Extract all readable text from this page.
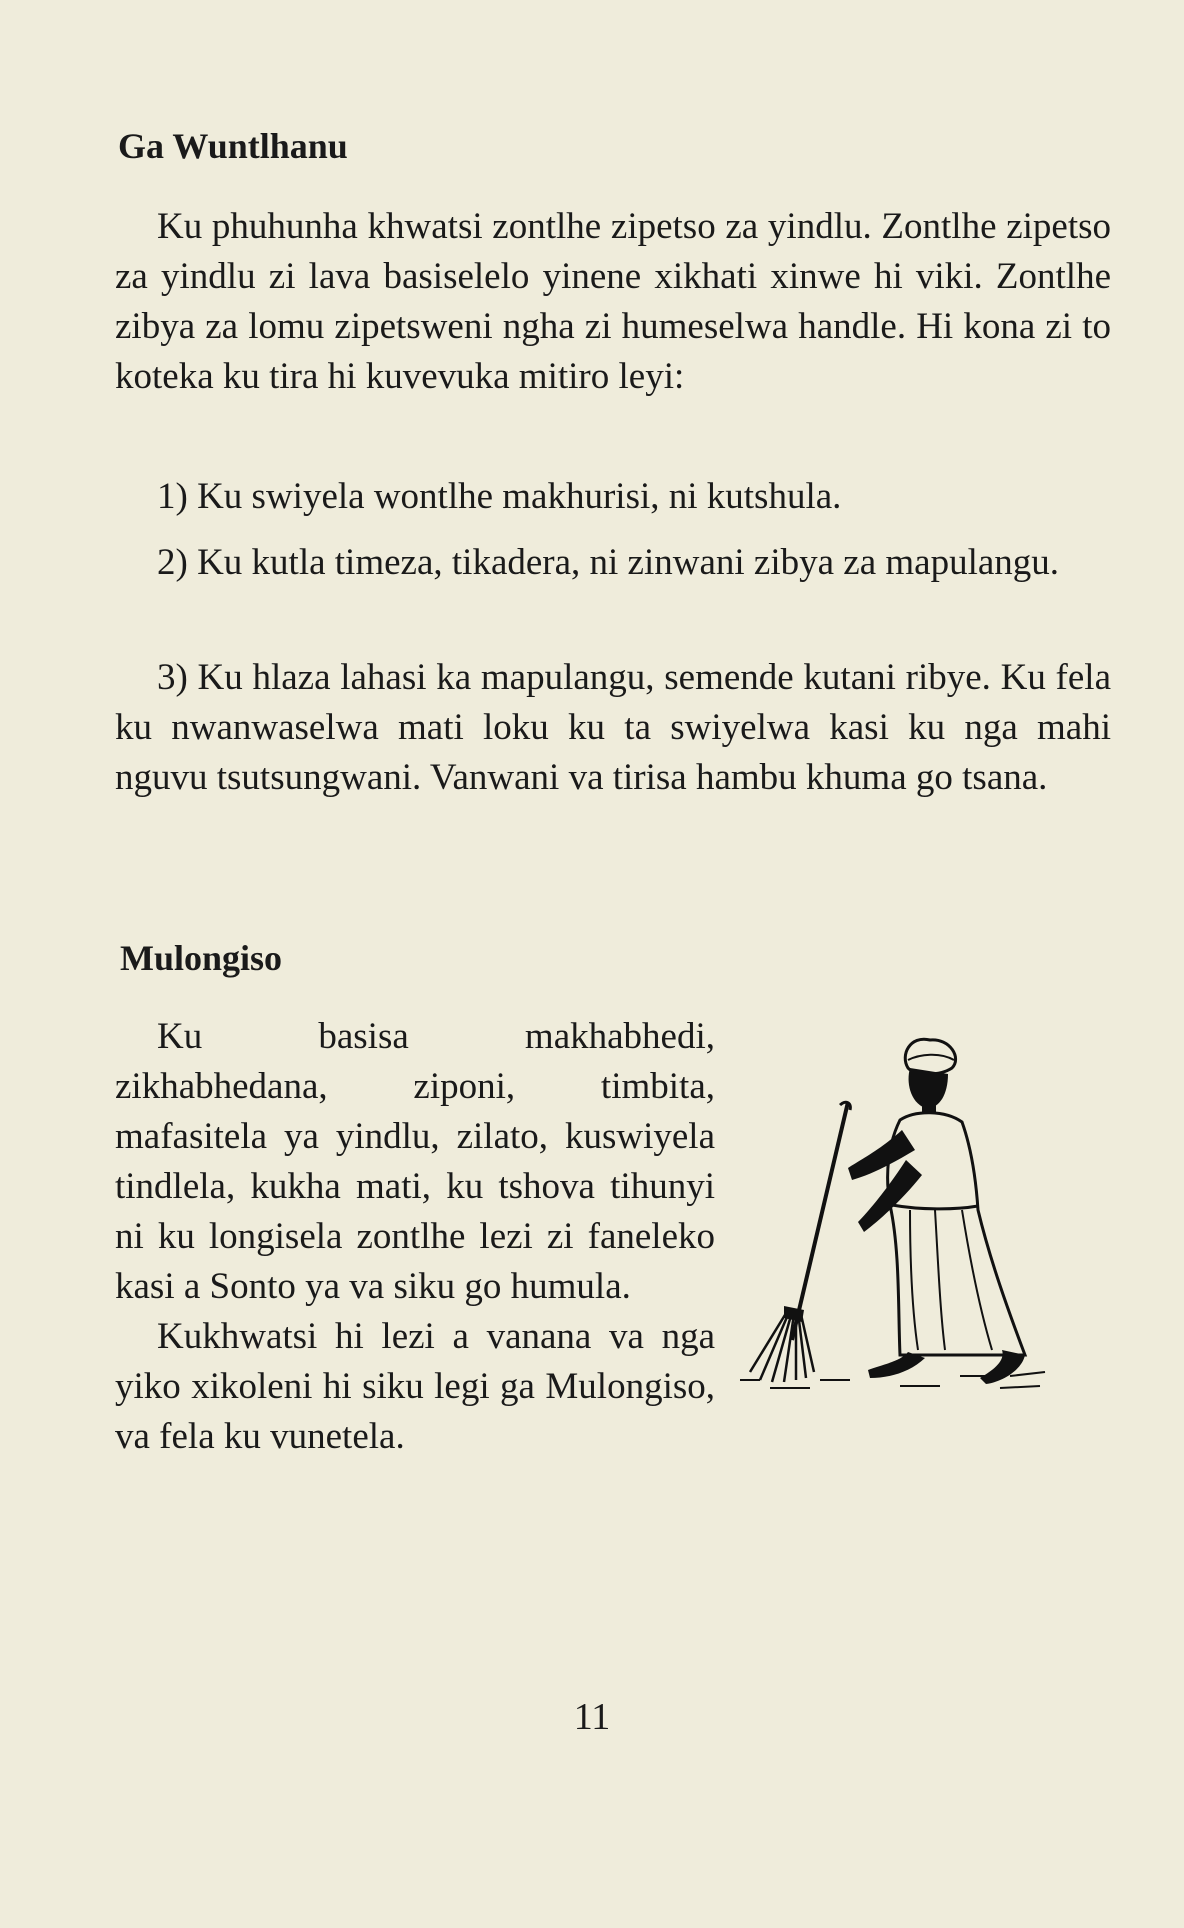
Ga Wuntlhanu

Ku phuhunha khwatsi zontlhe zipetso za yindlu. Zontlhe zipetso za yindlu zi lava basiselelo yinene xikhati xinwe hi viki. Zontlhe zibya za lomu zipetsweni ngha zi humeselwa handle. Hi kona zi to koteka ku tira hi kuvevuka mitiro leyi:

1) Ku swiyela wontlhe makhurisi, ni kutshula.

2) Ku kutla timeza, tikadera, ni zinwani zibya za mapulangu.

3) Ku hlaza lahasi ka mapulangu, semende kutani ribye. Ku fela ku nwanwaselwa mati loku ku ta swiyelwa kasi ku nga mahi nguvu tsutsungwani. Vanwani va tirisa hambu khuma go tsana.

Mulongiso

Ku basisa makhabhedi, zikhabhedana, ziponi, timbita, mafasitela ya yindlu, zilato, kuswiyela tindlela, kukha mati, ku tshova tihunyi ni ku longisela zontlhe lezi zi faneleko kasi a Sonto ya va siku go humula.

Kukhwatsi hi lezi a vanana va nga yiko xikoleni hi siku legi ga Mulongiso, va fela ku vunetela.

11
